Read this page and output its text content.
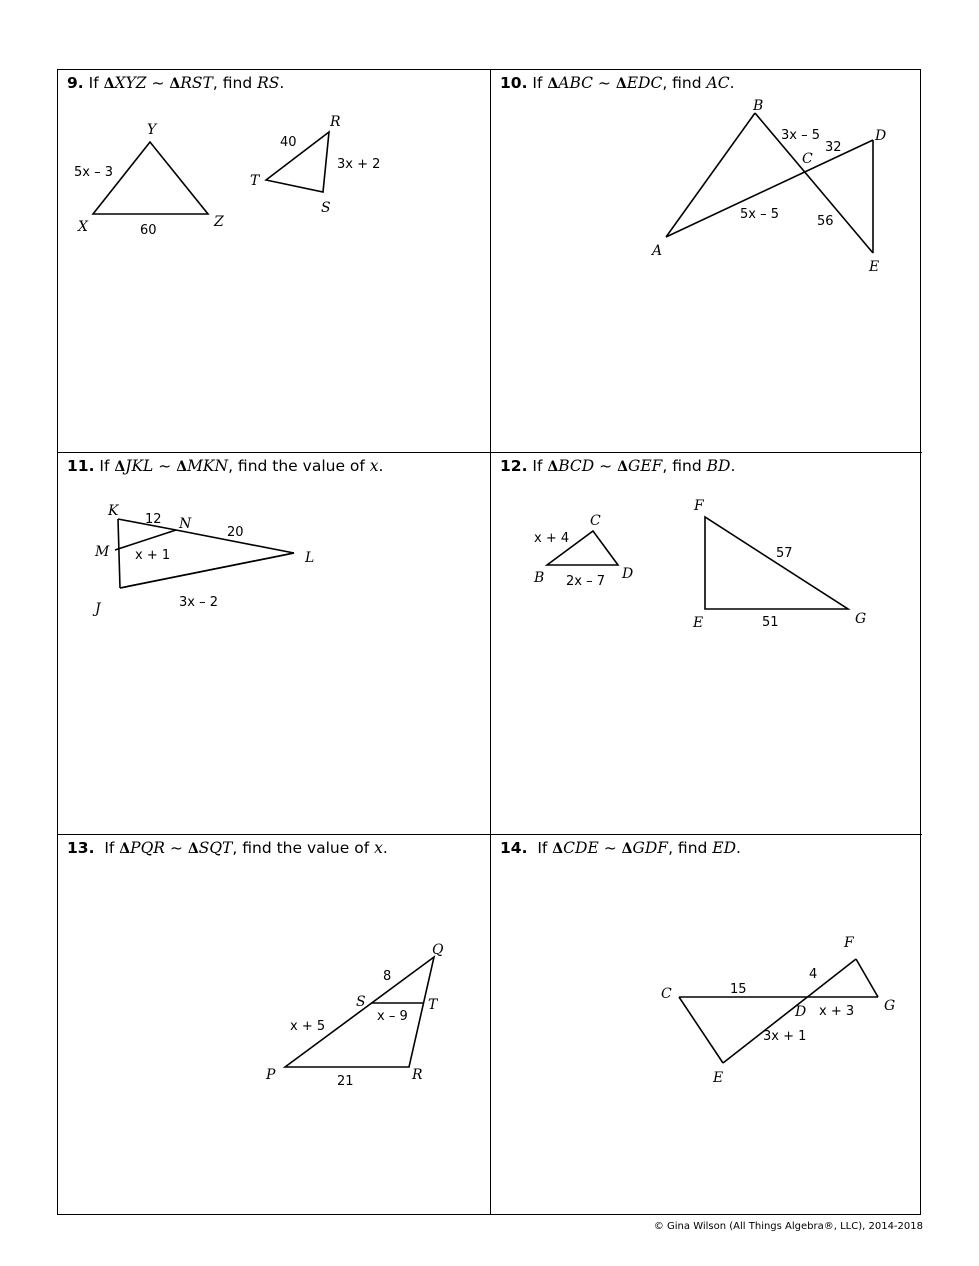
9. If ΔXYZ ~ ΔRST, find RS.
Y
X	Z
R
T
S
5x – 3
60
40
3x + 2
10. If ΔABC ~ ΔEDC, find AC.
B
C
D
A
E
3x – 5
32
5x – 5	56
11. If ΔJKL ~ ΔMKN, find the value of x.
K
N
M	L
J
12
20
x + 1
3x – 2
12. If ΔBCD ~ ΔGEF, find BD.
C
B	D
F
E	G
x + 4
2x – 7
57
51
13. If ΔPQR ~ ΔSQT, find the value of x.
Q
S	T
P	R
8
x + 5
x – 9
21
14. If ΔCDE ~ ΔGDF, find ED.
F
C
D	G
E
15
4
x + 3
3x + 1
© Gina Wilson (All Things Algebra®, LLC), 2014-2018
